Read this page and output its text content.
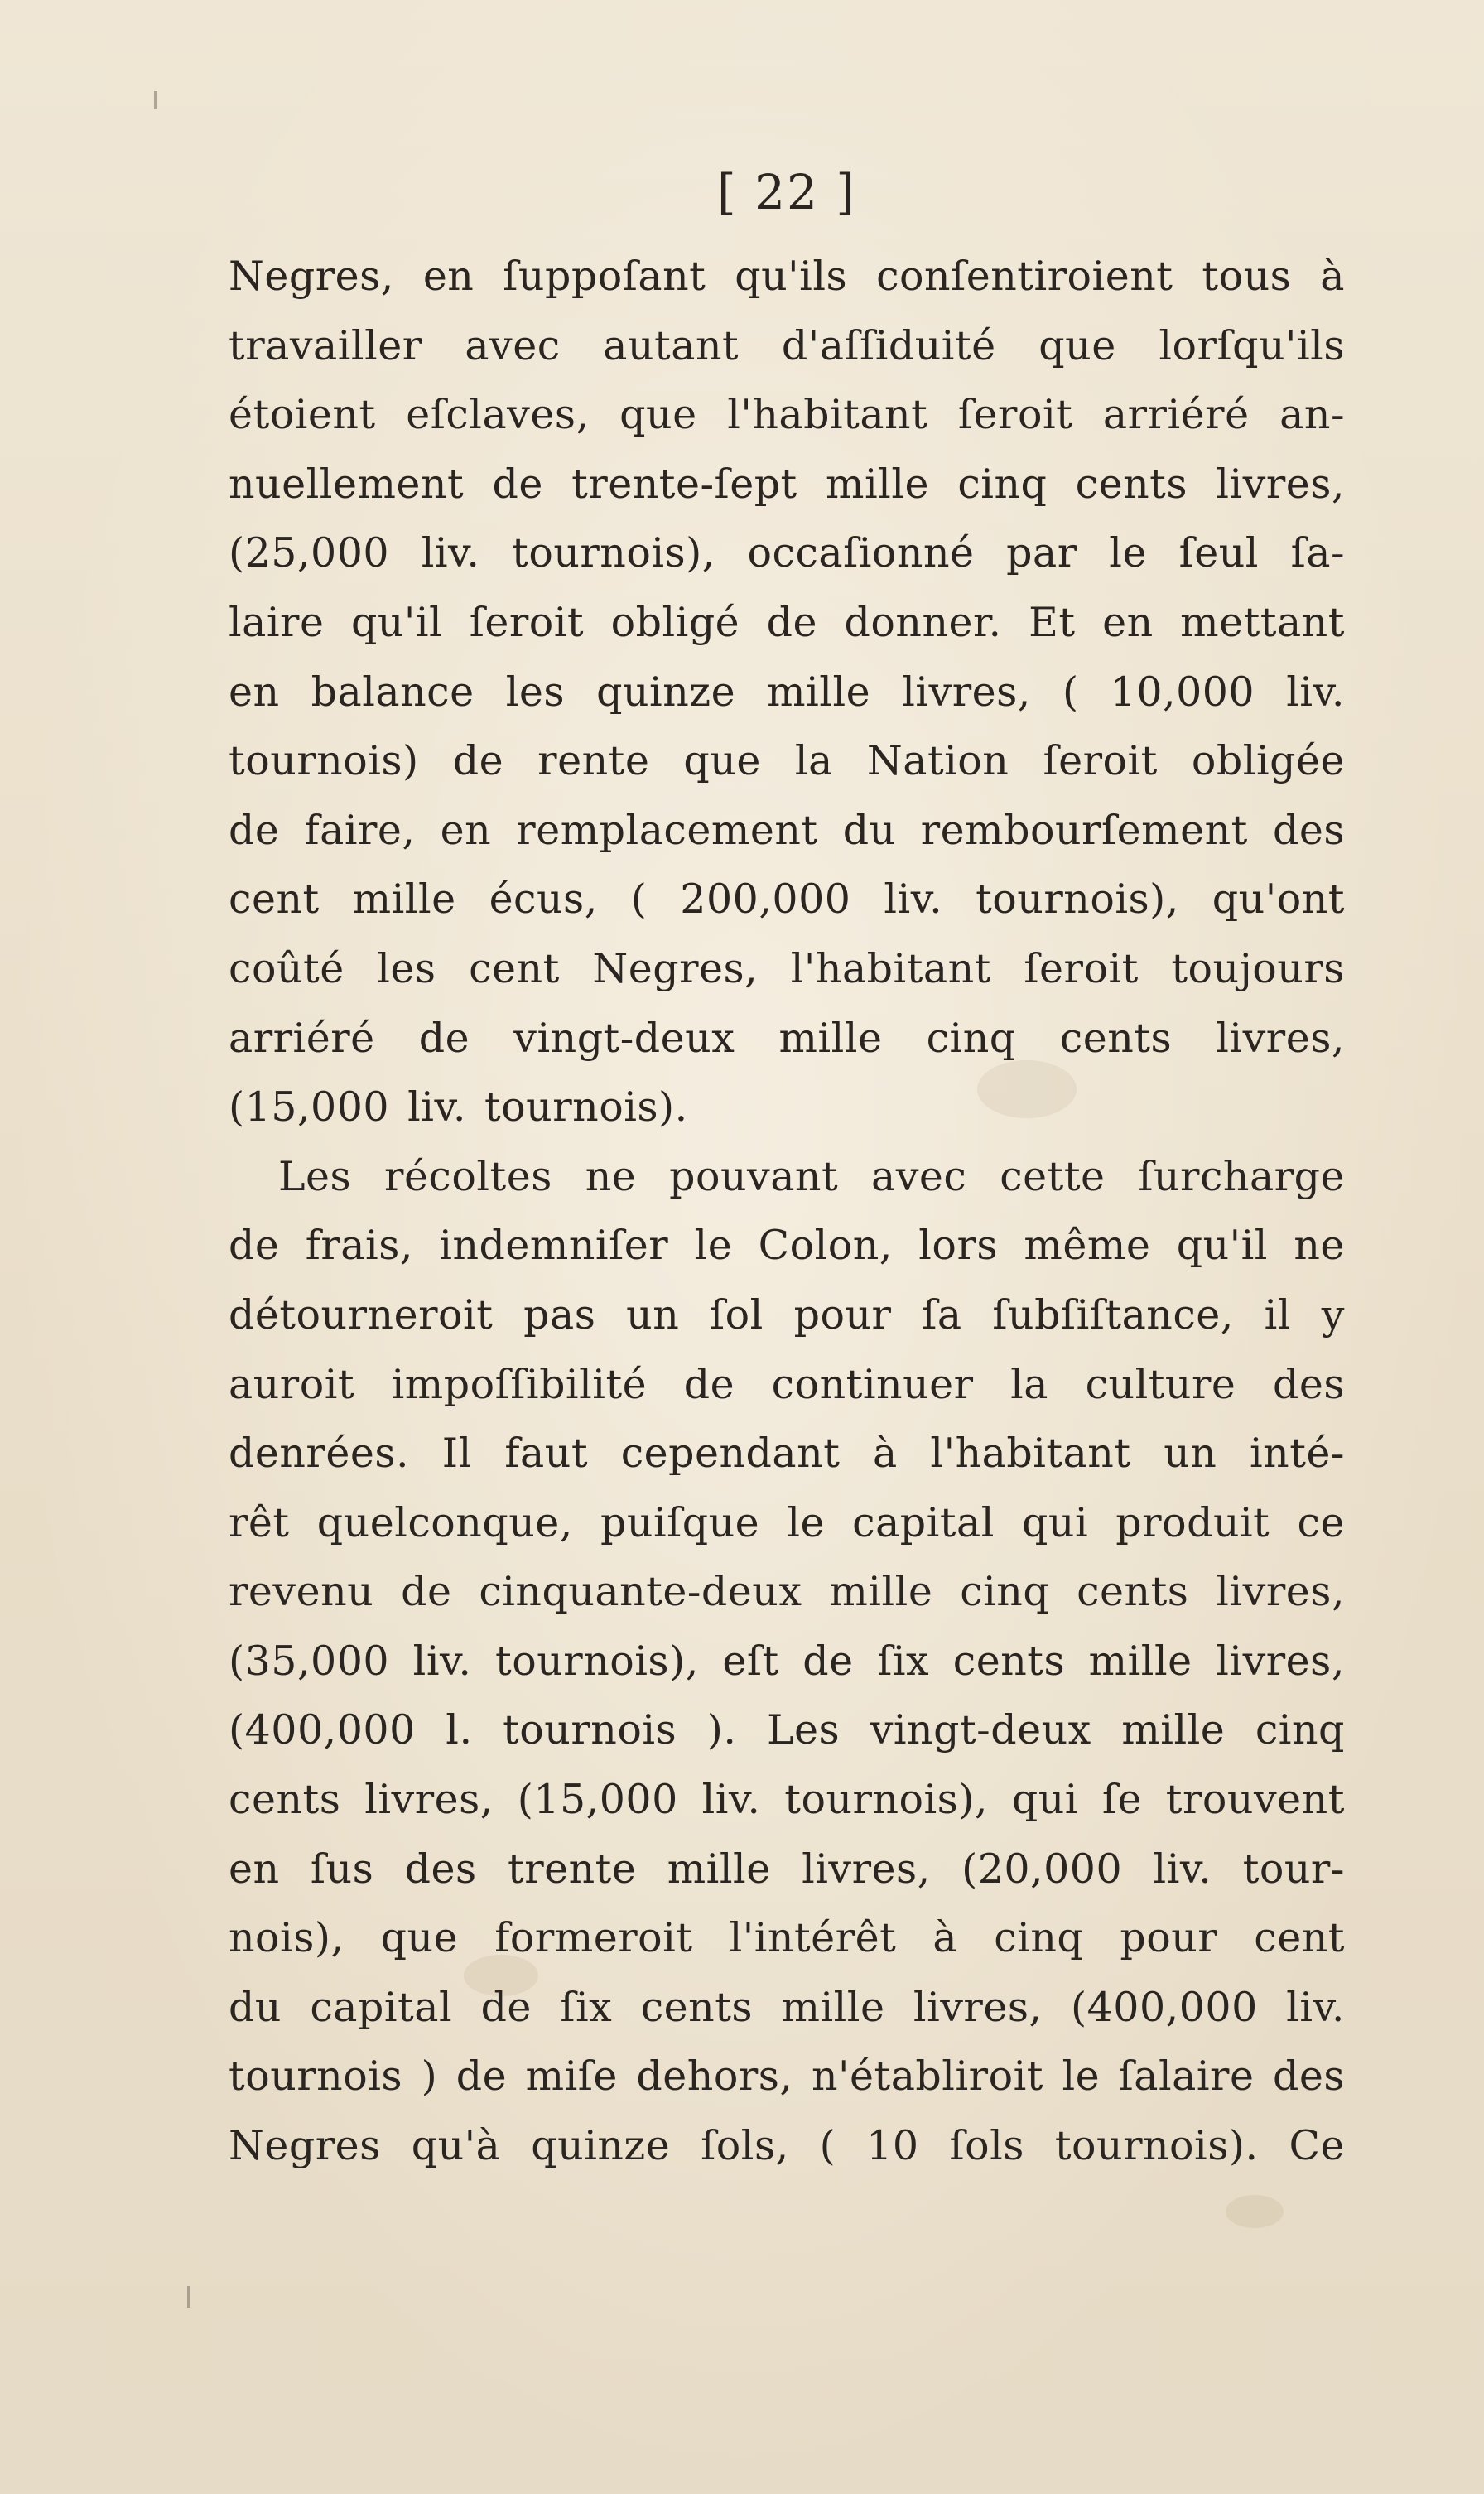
[ 22 ]
Negres, en ſuppoſant qu'ils conſentiroient tous à
travailler avec autant d'aſſiduité que lorſqu'ils
étoient eſclaves, que l'habitant ſeroit arriéré an-
nuellement de trente-ſept mille cinq cents livres,
(25,000 liv. tournois), occaſionné par le ſeul ſa-
laire qu'il ſeroit obligé de donner. Et en mettant
en balance les quinze mille livres, ( 10,000 liv.
tournois) de rente que la Nation ſeroit obligée
de faire, en remplacement du rembourſement des
cent mille écus, ( 200,000 liv. tournois), qu'ont
coûté les cent Negres, l'habitant ſeroit toujours
arriéré de vingt-deux mille cinq cents livres,
(15,000 liv. tournois).
Les récoltes ne pouvant avec cette ſurcharge
de frais, indemniſer le Colon, lors même qu'il ne
détourneroit pas un ſol pour ſa ſubſiſtance, il y
auroit impoſſibilité de continuer la culture des
denrées. Il faut cependant à l'habitant un inté-
rêt quelconque, puiſque le capital qui produit ce
revenu de cinquante-deux mille cinq cents livres,
(35,000 liv. tournois), eſt de ſix cents mille livres,
(400,000 l. tournois ). Les vingt-deux mille cinq
cents livres, (15,000 liv. tournois), qui ſe trouvent
en ſus des trente mille livres, (20,000 liv. tour-
nois), que formeroit l'intérêt à cinq pour cent
du capital de ſix cents mille livres, (400,000 liv.
tournois ) de miſe dehors, n'établiroit le ſalaire des
Negres qu'à quinze ſols, ( 10 ſols tournois). Ce
